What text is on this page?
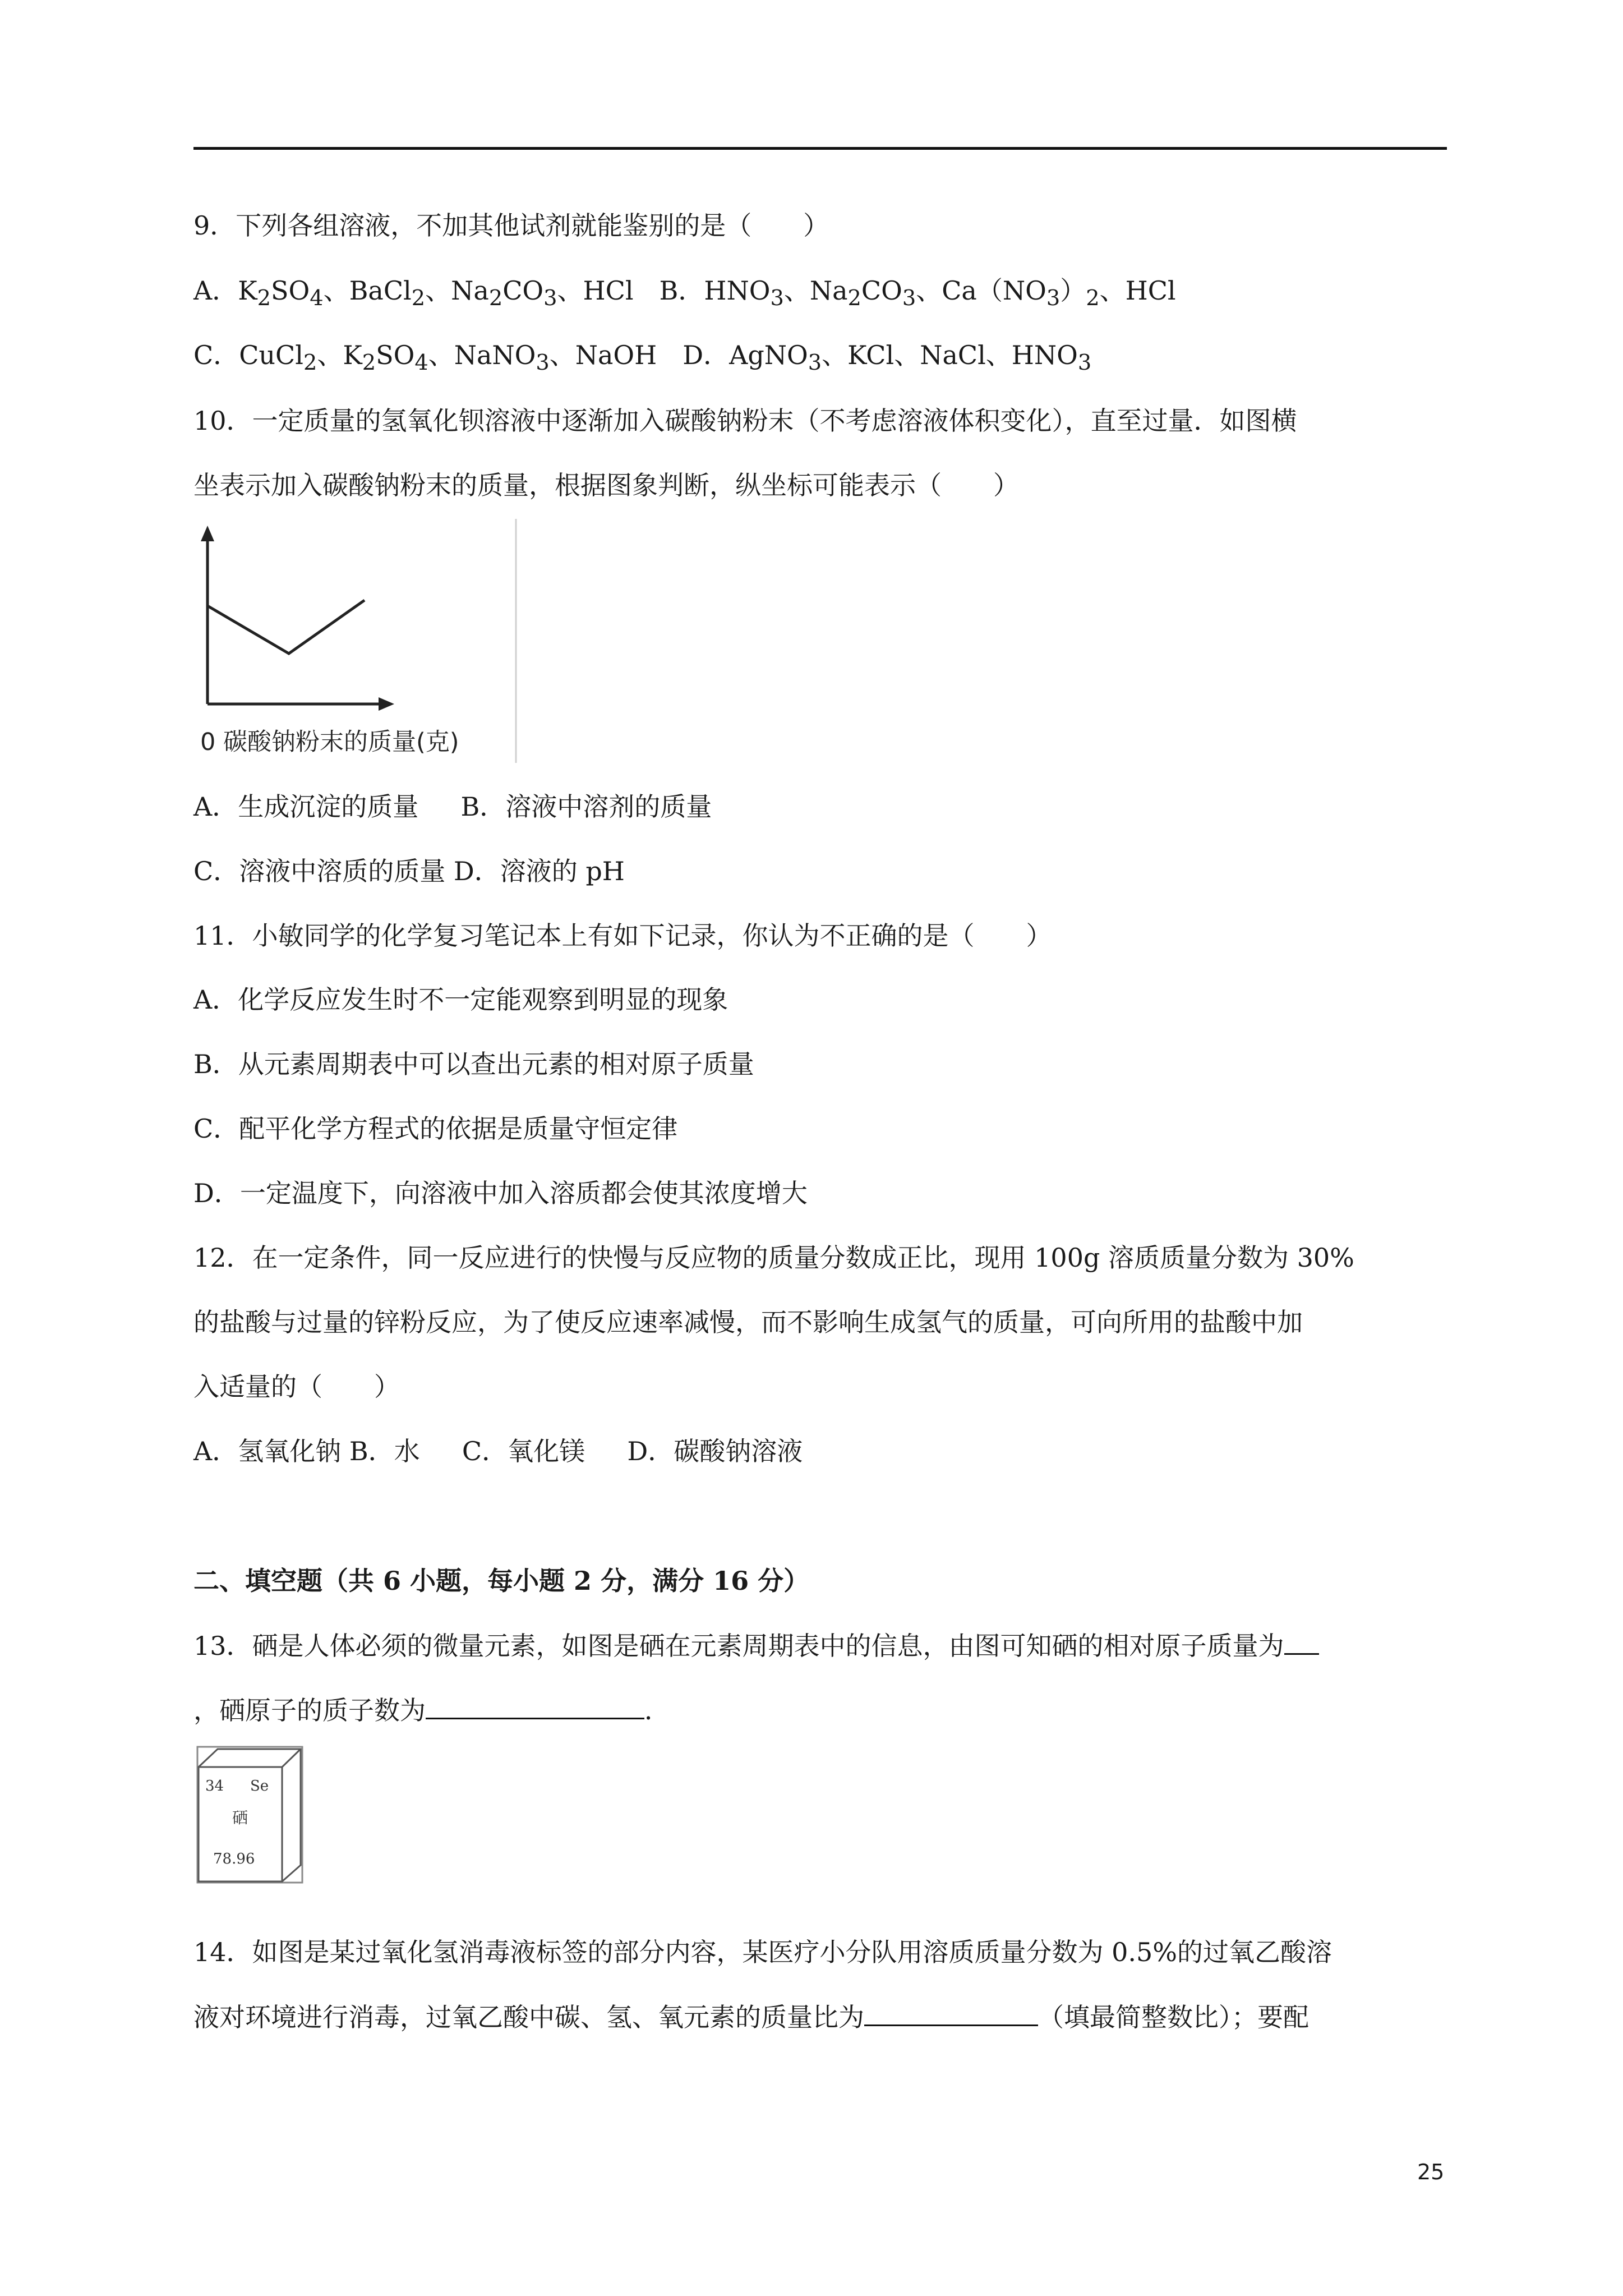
9．下列各组溶液，不加其他试剂就能鉴别的是（　　）
A．$K_2SO_4$、BaCl$_2$、$Na_2CO_3$、HCl　B．$HNO_3$、$Na_2CO_3$、$Ca(NO_3)_2$、HCl
C．CuCl$_2$、$K_2SO_4$、NaNO$_3$、NaOH　D．AgNO$_3$、KCl、NaCl、$HNO_3$
10．一定质量的氢氧化钡溶液中逐渐加入碳酸钠粉末（不考虑溶液体积变化），直至过量．如图横
坐表示加入碳酸钠粉末的质量，根据图象判断，纵坐标可能表示（　　）
0 碳酸钠粉末的质量(克)
A．生成沉淀的质量　  B．溶液中溶剂的质量
C．溶液中溶质的质量 D．溶液的 pH
11．小敏同学的化学复习笔记本上有如下记录，你认为不正确的是（　　）
A．化学反应发生时不一定能观察到明显的现象
B．从元素周期表中可以查出元素的相对原子质量
C．配平化学方程式的依据是质量守恒定律
D．一定温度下，向溶液中加入溶质都会使其浓度增大
12．在一定条件，同一反应进行的快慢与反应物的质量分数成正比，现用 100g 溶质质量分数为 30%
的盐酸与过量的锌粉反应，为了使反应速率减慢，而不影响生成氢气的质量，可向所用的盐酸中加
入适量的（　　）
A．氢氧化钠 B．水　  C．氧化镁　  D．碳酸钠溶液
二、填空题（共 6 小题，每小题 2 分，满分 16 分）
13．硒是人体必须的微量元素，如图是硒在元素周期表中的信息，由图可知硒的相对原子质量为
，硒原子的质子数为	．
34 Se
硒
78.96
14．如图是某过氧化氢消毒液标签的部分内容，某医疗小分队用溶质质量分数为 0.5%的过氧乙酸溶
液对环境进行消毒，过氧乙酸中碳、氢、氧元素的质量比为	（填最简整数比）；要配
25
